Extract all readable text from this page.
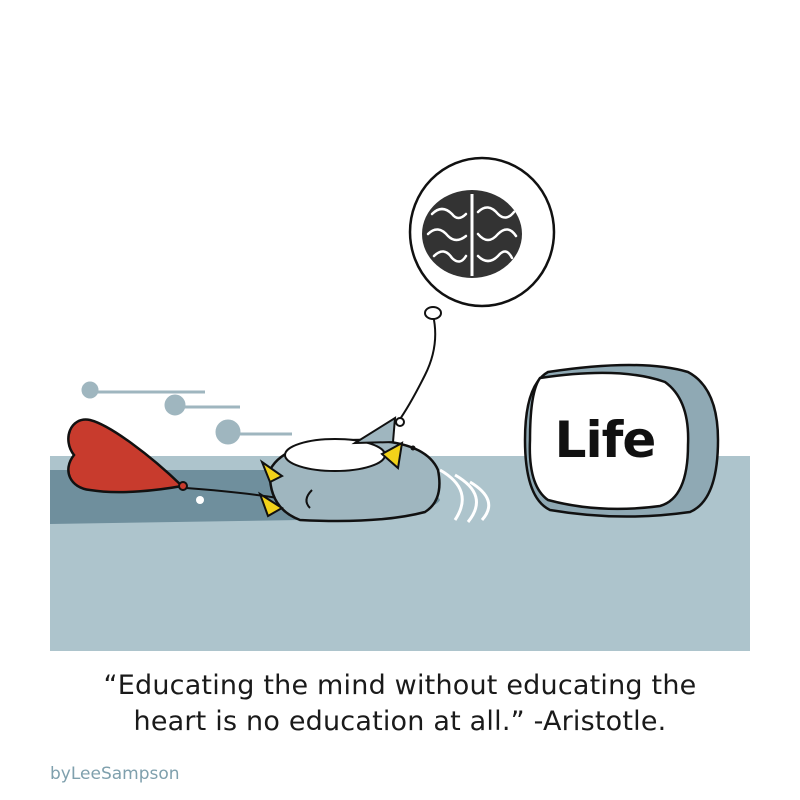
Life
“Educating the mind without educating the
heart is no education at all.” -Aristotle.
byLeeSampson
